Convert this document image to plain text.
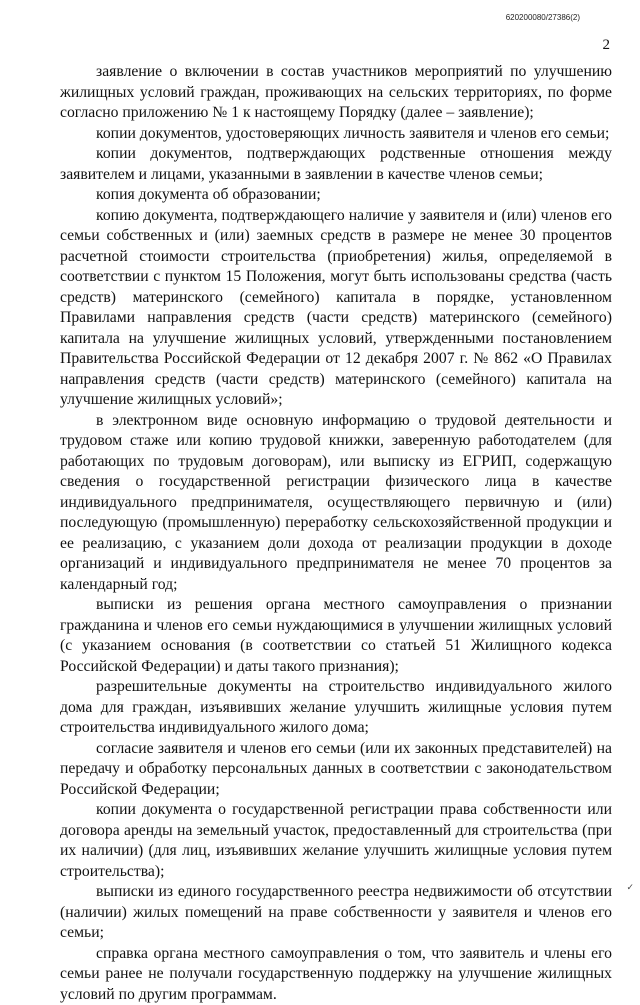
620200080/27386(2)
2

заявление о включении в состав участников мероприятий по улучшению жилищных условий граждан, проживающих на сельских территориях, по форме согласно приложению № 1 к настоящему Порядку (далее – заявление);

копии документов, удостоверяющих личность заявителя и членов его семьи;

копии документов, подтверждающих родственные отношения между заявителем и лицами, указанными в заявлении в качестве членов семьи;

копия документа об образовании;

копию документа, подтверждающего наличие у заявителя и (или) членов его семьи собственных и (или) заемных средств в размере не менее 30 процентов расчетной стоимости строительства (приобретения) жилья, определяемой в соответствии с пунктом 15 Положения, могут быть использованы средства (часть средств) материнского (семейного) капитала в порядке, установленном Правилами направления средств (части средств) материнского (семейного) капитала на улучшение жилищных условий, утвержденными постановлением Правительства Российской Федерации от 12 декабря 2007 г. № 862 «О Правилах направления средств (части средств) материнского (семейного) капитала на улучшение жилищных условий»;

в электронном виде основную информацию о трудовой деятельности и трудовом стаже или копию трудовой книжки, заверенную работодателем (для работающих по трудовым договорам), или выписку из ЕГРИП, содержащую сведения о государственной регистрации физического лица в качестве индивидуального предпринимателя, осуществляющего первичную и (или) последующую (промышленную) переработку сельскохозяйственной продукции и ее реализацию, с указанием доли дохода от реализации продукции в доходе организаций и индивидуального предпринимателя не менее 70 процентов за календарный год;

выписки из решения органа местного самоуправления о признании гражданина и членов его семьи нуждающимися в улучшении жилищных условий (с указанием основания (в соответствии со статьей 51 Жилищного кодекса Российской Федерации) и даты такого признания);

разрешительные документы на строительство индивидуального жилого дома для граждан, изъявивших желание улучшить жилищные условия путем строительства индивидуального жилого дома;

согласие заявителя и членов его семьи (или их законных представителей) на передачу и обработку персональных данных в соответствии с законодательством Российской Федерации;

копии документа о государственной регистрации права собственности или договора аренды на земельный участок, предоставленный для строительства (при их наличии) (для лиц, изъявивших желание улучшить жилищные условия путем строительства);

выписки из единого государственного реестра недвижимости об отсутствии (наличии) жилых помещений на праве собственности у заявителя и членов его семьи;

справка органа местного самоуправления о том, что заявитель и члены его семьи ранее не получали государственную поддержку на улучшение жилищных условий по другим программам.

✓
